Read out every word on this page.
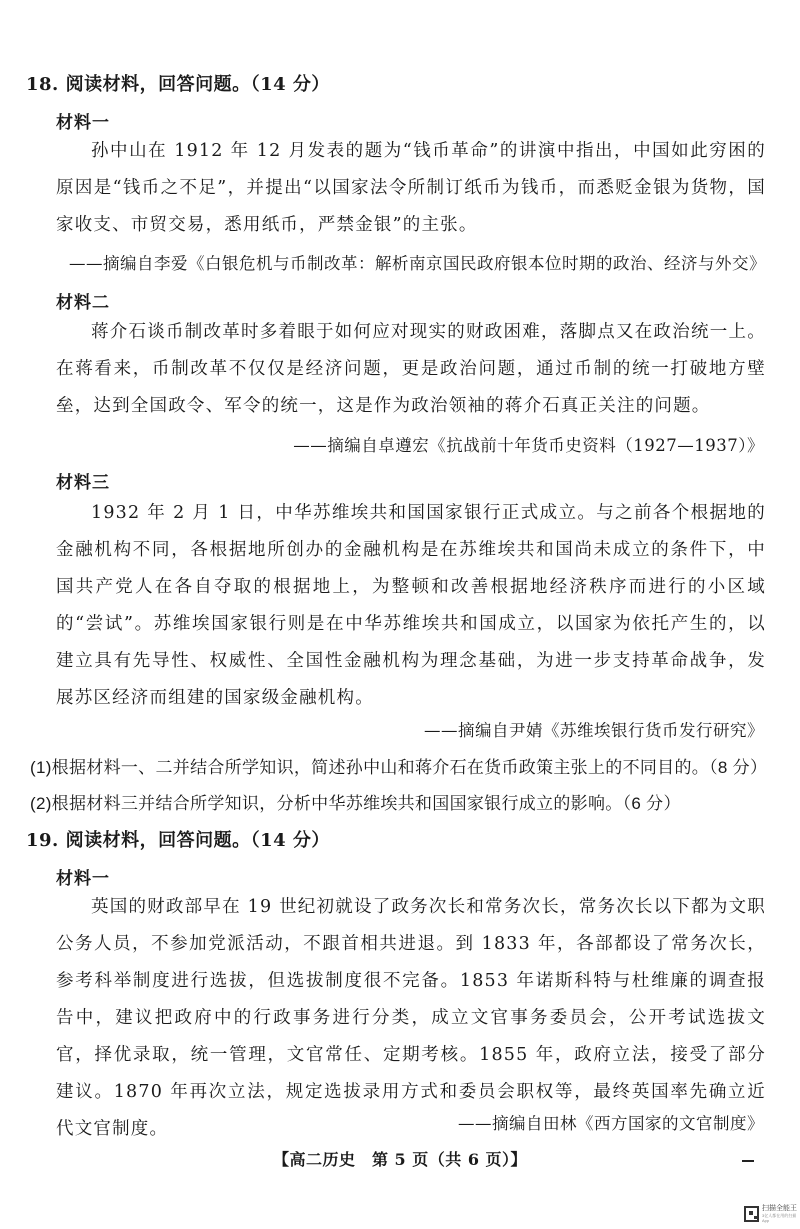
18. 阅读材料，回答问题。（14 分）
材料一
孙中山在 1912 年 12 月发表的题为“钱币革命”的讲演中指出，中国如此穷困的原因是“钱币之不足”，并提出“以国家法令所制订纸币为钱币，而悉贬金银为货物，国家收支、市贸交易，悉用纸币，严禁金银”的主张。
——摘编自李爱《白银危机与币制改革：解析南京国民政府银本位时期的政治、经济与外交》
材料二
蒋介石谈币制改革时多着眼于如何应对现实的财政困难，落脚点又在政治统一上。在蒋看来，币制改革不仅仅是经济问题，更是政治问题，通过币制的统一打破地方壁垒，达到全国政令、军令的统一，这是作为政治领袖的蒋介石真正关注的问题。
——摘编自卓遵宏《抗战前十年货币史资料（1927—1937）》
材料三
1932 年 2 月 1 日，中华苏维埃共和国国家银行正式成立。与之前各个根据地的金融机构不同，各根据地所创办的金融机构是在苏维埃共和国尚未成立的条件下，中国共产党人在各自夺取的根据地上，为整顿和改善根据地经济秩序而进行的小区域的“尝试”。苏维埃国家银行则是在中华苏维埃共和国成立，以国家为依托产生的，以建立具有先导性、权威性、全国性金融机构为理念基础，为进一步支持革命战争，发展苏区经济而组建的国家级金融机构。
——摘编自尹婧《苏维埃银行货币发行研究》
(1)根据材料一、二并结合所学知识，简述孙中山和蒋介石在货币政策主张上的不同目的。（8 分）
(2)根据材料三并结合所学知识，分析中华苏维埃共和国国家银行成立的影响。（6 分）
19. 阅读材料，回答问题。（14 分）
材料一
英国的财政部早在 19 世纪初就设了政务次长和常务次长，常务次长以下都为文职公务人员，不参加党派活动，不跟首相共进退。到 1833 年，各部都设了常务次长，参考科举制度进行选拔，但选拔制度很不完备。1853 年诺斯科特与杜维廉的调查报告中，建议把政府中的行政事务进行分类，成立文官事务委员会，公开考试选拔文官，择优录取，统一管理，文官常任、定期考核。1855 年，政府立法，接受了部分建议。1870 年再次立法，规定选拔录用方式和委员会职权等，最终英国率先确立近代文官制度。	——摘编自田林《西方国家的文官制度》
【高二历史　第 5 页（共 6 页）】
扫描全能王
3亿人都在用的扫描App
